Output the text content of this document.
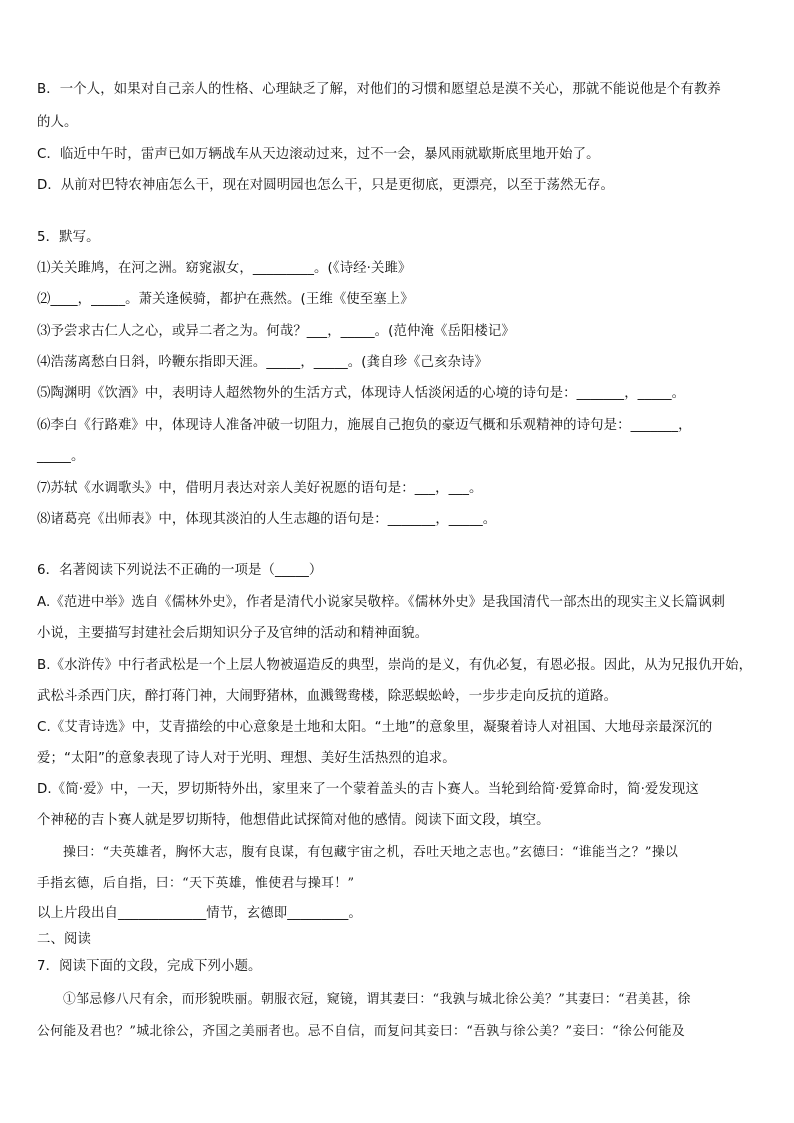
B．一个人，如果对自己亲人的性格、心理缺乏了解，对他们的习惯和愿望总是漠不关心，那就不能说他是个有教养
的人。
C．临近中午时，雷声已如万辆战车从天边滚动过来，过不一会，暴风雨就歇斯底里地开始了。
D．从前对巴特农神庙怎么干，现在对圆明园也怎么干，只是更彻底，更漂亮，以至于荡然无存。
5．默写。
⑴关关雎鸠，在河之洲。窈窕淑女，_________。(《诗经·关雎》
⑵____，_____。萧关逢候骑，都护在燕然。(王维《使至塞上》
⑶予尝求古仁人之心，或异二者之为。何哉？___，_____。(范仲淹《岳阳楼记》
⑷浩荡离愁白日斜，吟鞭东指即天涯。_____，_____。(龚自珍《己亥杂诗》
⑸陶渊明《饮酒》中，表明诗人超然物外的生活方式，体现诗人恬淡闲适的心境的诗句是：_______，_____。
⑹李白《行路难》中，体现诗人准备冲破一切阻力，施展自己抱负的豪迈气概和乐观精神的诗句是：_______，
_____。
⑺苏轼《水调歌头》中，借明月表达对亲人美好祝愿的语句是：___，___。
⑻诸葛亮《出师表》中，体现其淡泊的人生志趣的语句是：_______，_____。
6．名著阅读下列说法不正确的一项是（_____）
A.《范进中举》选自《儒林外史》，作者是清代小说家吴敬梓。《儒林外史》是我国清代一部杰出的现实主义长篇讽刺
小说，主要描写封建社会后期知识分子及官绅的活动和精神面貌。
B.《水浒传》中行者武松是一个上层人物被逼造反的典型，崇尚的是义，有仇必复，有恩必报。因此，从为兄报仇开始，
武松斗杀西门庆，醉打蒋门神，大闹野猪林，血溅鸳鸯楼，除恶蜈蚣岭，一步步走向反抗的道路。
C.《艾青诗选》中，艾青描绘的中心意象是土地和太阳。“土地”的意象里，凝聚着诗人对祖国、大地母亲最深沉的
爱；“太阳”的意象表现了诗人对于光明、理想、美好生活热烈的追求。
D.《简·爱》中，一天，罗切斯特外出，家里来了一个蒙着盖头的吉卜赛人。当轮到给简·爱算命时，简·爱发现这
个神秘的吉卜赛人就是罗切斯特，他想借此试探简对他的感情。阅读下面文段，填空。
操曰：“夫英雄者，胸怀大志，腹有良谋，有包藏宇宙之机，吞吐天地之志也。”玄德曰：“谁能当之？”操以
手指玄德，后自指，曰：“天下英雄，惟使君与操耳！”
以上片段出自_____________情节，玄德即_________。
二、阅读
7．阅读下面的文段，完成下列小题。
①邹忌修八尺有余，而形貌昳丽。朝服衣冠，窥镜，谓其妻曰：“我孰与城北徐公美？”其妻曰：“君美甚，徐
公何能及君也？”城北徐公，齐国之美丽者也。忌不自信，而复问其妾曰：“吾孰与徐公美？”妾曰：“徐公何能及
